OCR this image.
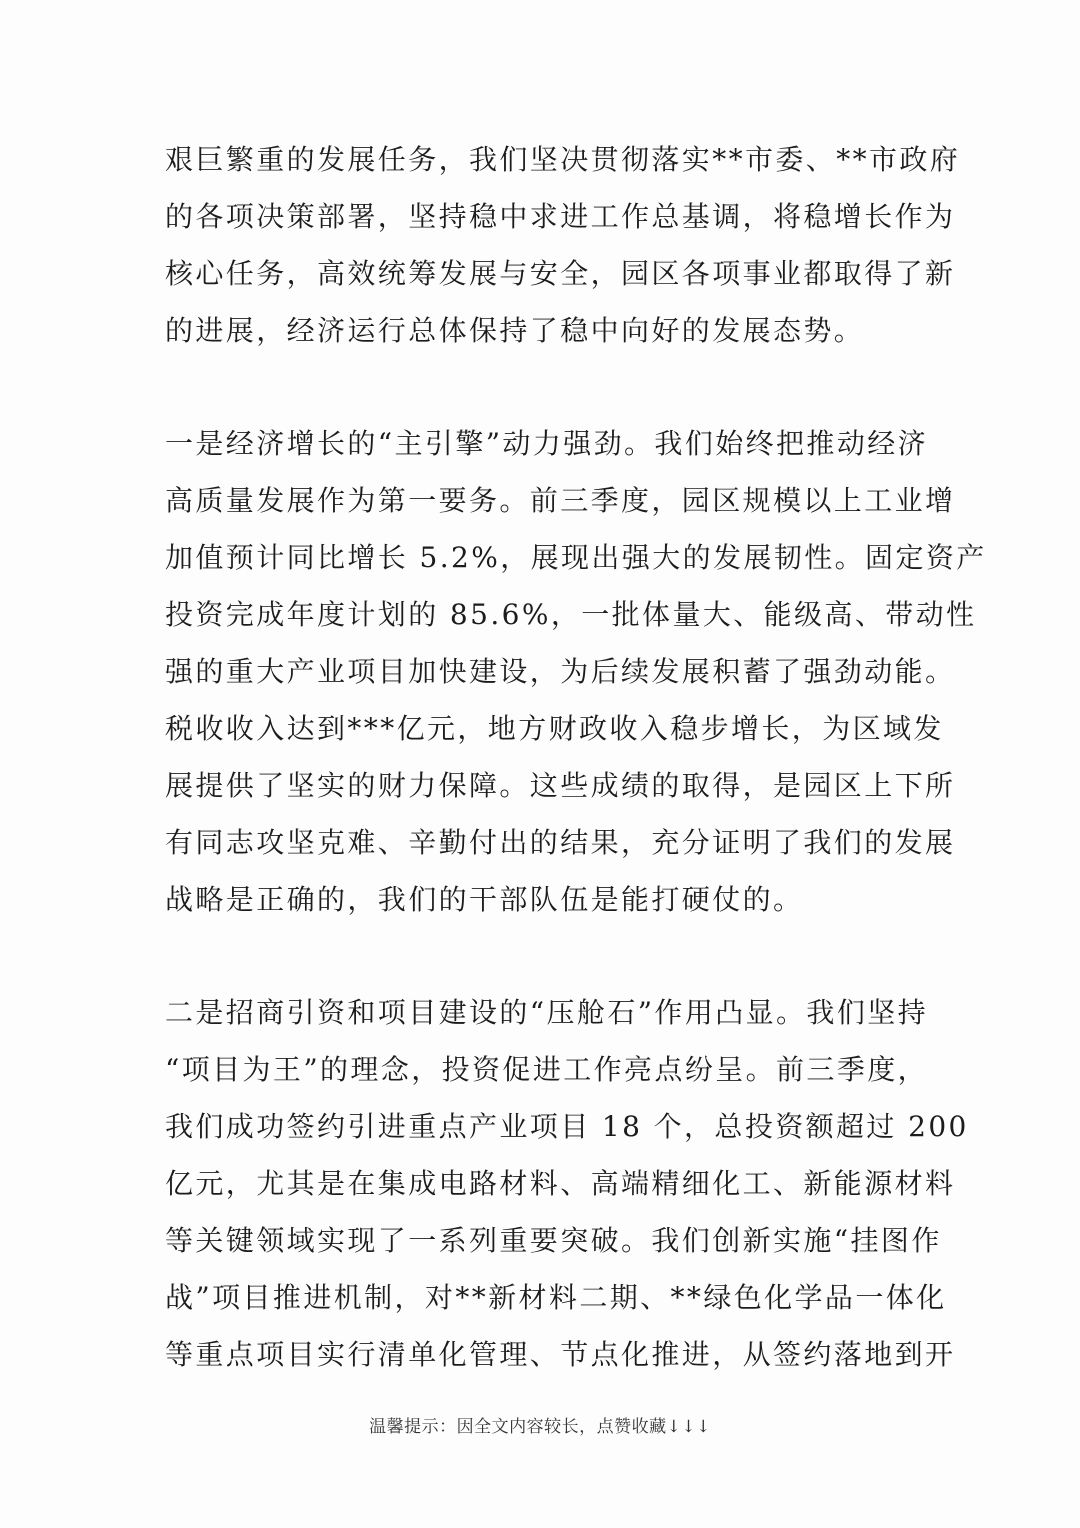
艰巨繁重的发展任务，我们坚决贯彻落实**市委、**市政府
的各项决策部署，坚持稳中求进工作总基调，将稳增长作为
核心任务，高效统筹发展与安全，园区各项事业都取得了新
的进展，经济运行总体保持了稳中向好的发展态势。
一是经济增长的“主引擎”动力强劲。我们始终把推动经济
高质量发展作为第一要务。前三季度，园区规模以上工业增
加值预计同比增长 5.2%，展现出强大的发展韧性。固定资产
投资完成年度计划的 85.6%，一批体量大、能级高、带动性
强的重大产业项目加快建设，为后续发展积蓄了强劲动能。
税收收入达到***亿元，地方财政收入稳步增长，为区域发
展提供了坚实的财力保障。这些成绩的取得，是园区上下所
有同志攻坚克难、辛勤付出的结果，充分证明了我们的发展
战略是正确的，我们的干部队伍是能打硬仗的。
二是招商引资和项目建设的“压舱石”作用凸显。我们坚持
“项目为王”的理念，投资促进工作亮点纷呈。前三季度，
我们成功签约引进重点产业项目 18 个，总投资额超过 200
亿元，尤其是在集成电路材料、高端精细化工、新能源材料
等关键领域实现了一系列重要突破。我们创新实施“挂图作
战”项目推进机制，对**新材料二期、**绿色化学品一体化
等重点项目实行清单化管理、节点化推进，从签约落地到开
温馨提示：因全文内容较长，点赞收藏↓↓↓
